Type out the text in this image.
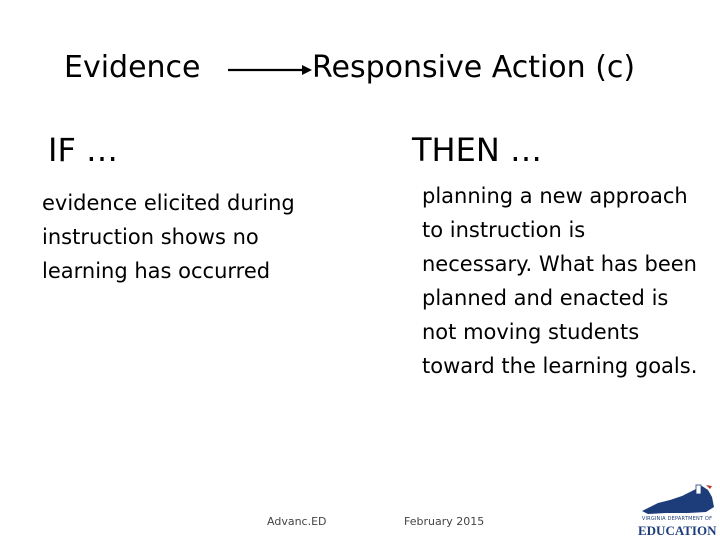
Evidence	Responsive Action (c)
IF …	THEN …
evidence elicited during instruction shows no learning has occurred
planning a new approach to instruction is necessary. What has been planned and enacted is not moving students toward the learning goals.
Advanc.ED	February 2015	VIRGINIA DEPARTMENT OF
EDUCATION
